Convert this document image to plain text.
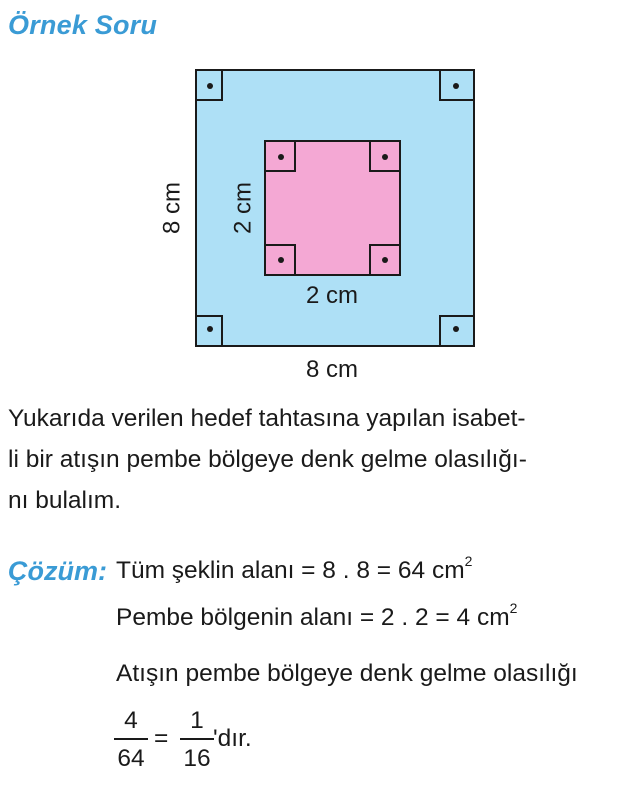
Örnek Soru
8 cm 2 cm
2 cm
8 cm
Yukarıda verilen hedef tahtasına yapılan isabet-
li bir atışın pembe bölgeye denk gelme olasılığı-
nı bulalım.
Çözüm: Tüm şeklin alanı = 8 . 8 = 64 $cm^2$
Pembe bölgenin alanı = 2 . 2 = 4 $cm^2$
Atışın pembe bölgeye denk gelme olasılığı
4
64
=
1
16
'dır.
